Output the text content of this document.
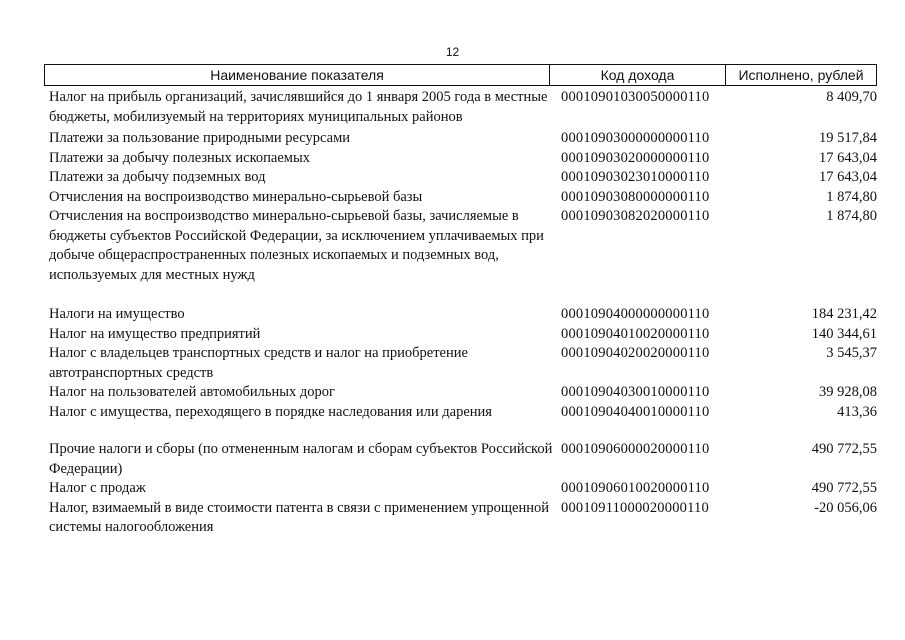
12
Наименование показателя	Код дохода	Исполнено, рублей
Налог на прибыль организаций, зачислявшийся до 1 января 2005 года в местные бюджеты, мобилизуемый на территориях муниципальных районов
00010901030050000110	8 409,70
Платежи за пользование природными ресурсами	00010903000000000110	19 517,84
Платежи за добычу полезных ископаемых	00010903020000000110	17 643,04
Платежи за добычу подземных вод	00010903023010000110	17 643,04
Отчисления на воспроизводство минерально-сырьевой базы	00010903080000000110	1 874,80
Отчисления на воспроизводство минерально-сырьевой базы, зачисляемые в бюджеты субъектов Российской Федерации, за исключением уплачиваемых при добыче общераспространенных полезных ископаемых и подземных вод, используемых для местных нужд
00010903082020000110	1 874,80
Налоги на имущество	00010904000000000110	184 231,42
Налог на имущество предприятий	00010904010020000110	140 344,61
Налог с владельцев транспортных средств и налог на приобретение автотранспортных средств
00010904020020000110	3 545,37
Налог на пользователей автомобильных дорог	00010904030010000110	39 928,08
Налог с имущества, переходящего в порядке наследования или дарения	00010904040010000110	413,36
Прочие налоги и сборы (по отмененным налогам и сборам субъектов Российской Федерации)
00010906000020000110	490 772,55
Налог с продаж	00010906010020000110	490 772,55
Налог, взимаемый в виде стоимости патента в связи с применением упрощенной системы налогообложения
00010911000020000110	-20 056,06
